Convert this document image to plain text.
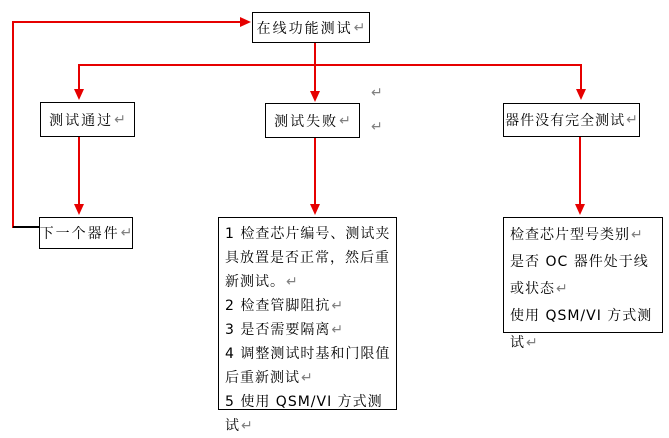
↵
↵
在线功能测试 ↵
测试通过 ↵	测试失败 ↵	器件没有完全测试 ↵
下一个器件 ↵	1 检查芯片编号、测试夹具放置是否正常，然后重新测试。↵
2 检查管脚阻抗↵
3 是否需要隔离↵
4 调整测试时基和门限值后重新测试↵
5 使用 QSM/VI 方式测试↵
检查芯片型号类别↵
是否 OC 器件处于线或状态↵
使用 QSM/VI 方式测试↵
